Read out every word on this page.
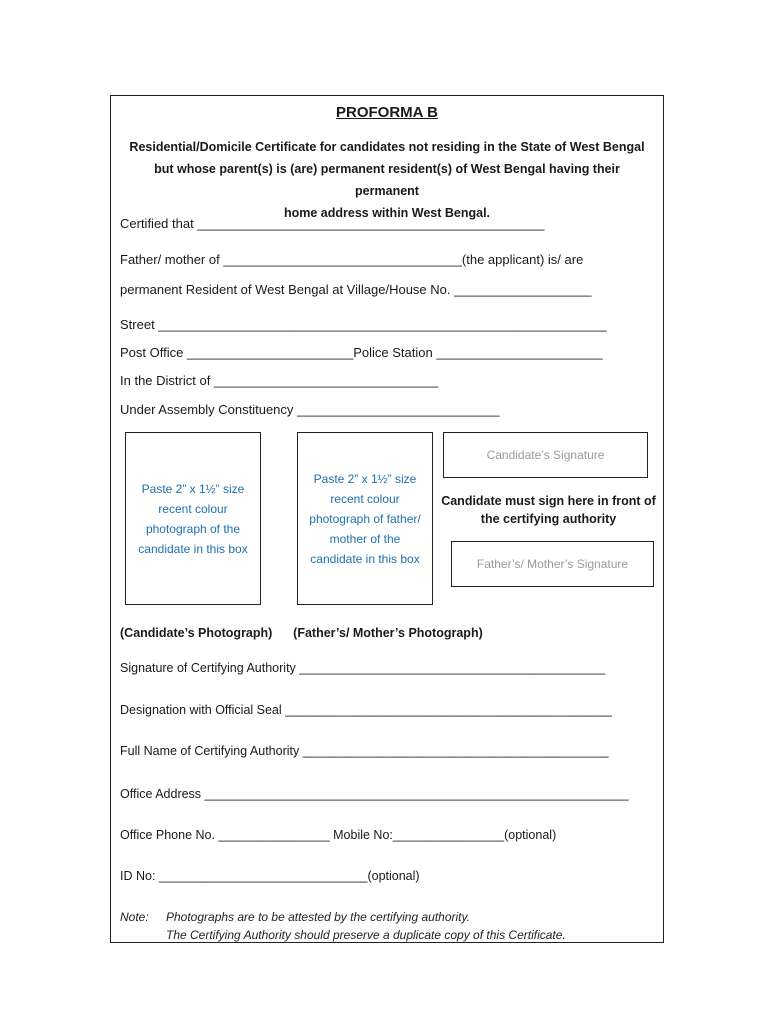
PROFORMA B
Residential/Domicile Certificate for candidates not residing in the State of West Bengal
but whose parent(s) is (are) permanent resident(s) of West Bengal having their permanent
home address within West Bengal.
Certified that ________________________________________________
Father/ mother of _________________________________(the applicant) is/ are
permanent Resident of West Bengal at Village/House No. ___________________
Street ______________________________________________________________
Post Office _______________________Police Station _______________________
In the District of _______________________________
Under Assembly Constituency ____________________________
Paste 2” x 1½” size recent colour photograph of the candidate in this box
Paste 2” x 1½” size recent colour photograph of father/ mother of the candidate in this box
Candidate’s Signature
Candidate must sign here in front of the certifying authority
Father’s/ Mother’s Signature
(Candidate’s Photograph)      (Father’s/ Mother’s Photograph)
Signature of Certifying Authority ____________________________________________
Designation with Official Seal _______________________________________________
Full Name of Certifying Authority ____________________________________________
Office Address _____________________________________________________________
Office Phone No. ________________ Mobile No:________________(optional)
ID No: ______________________________(optional)
Note: Photographs are to be attested by the certifying authority.
The Certifying Authority should preserve a duplicate copy of this Certificate.
